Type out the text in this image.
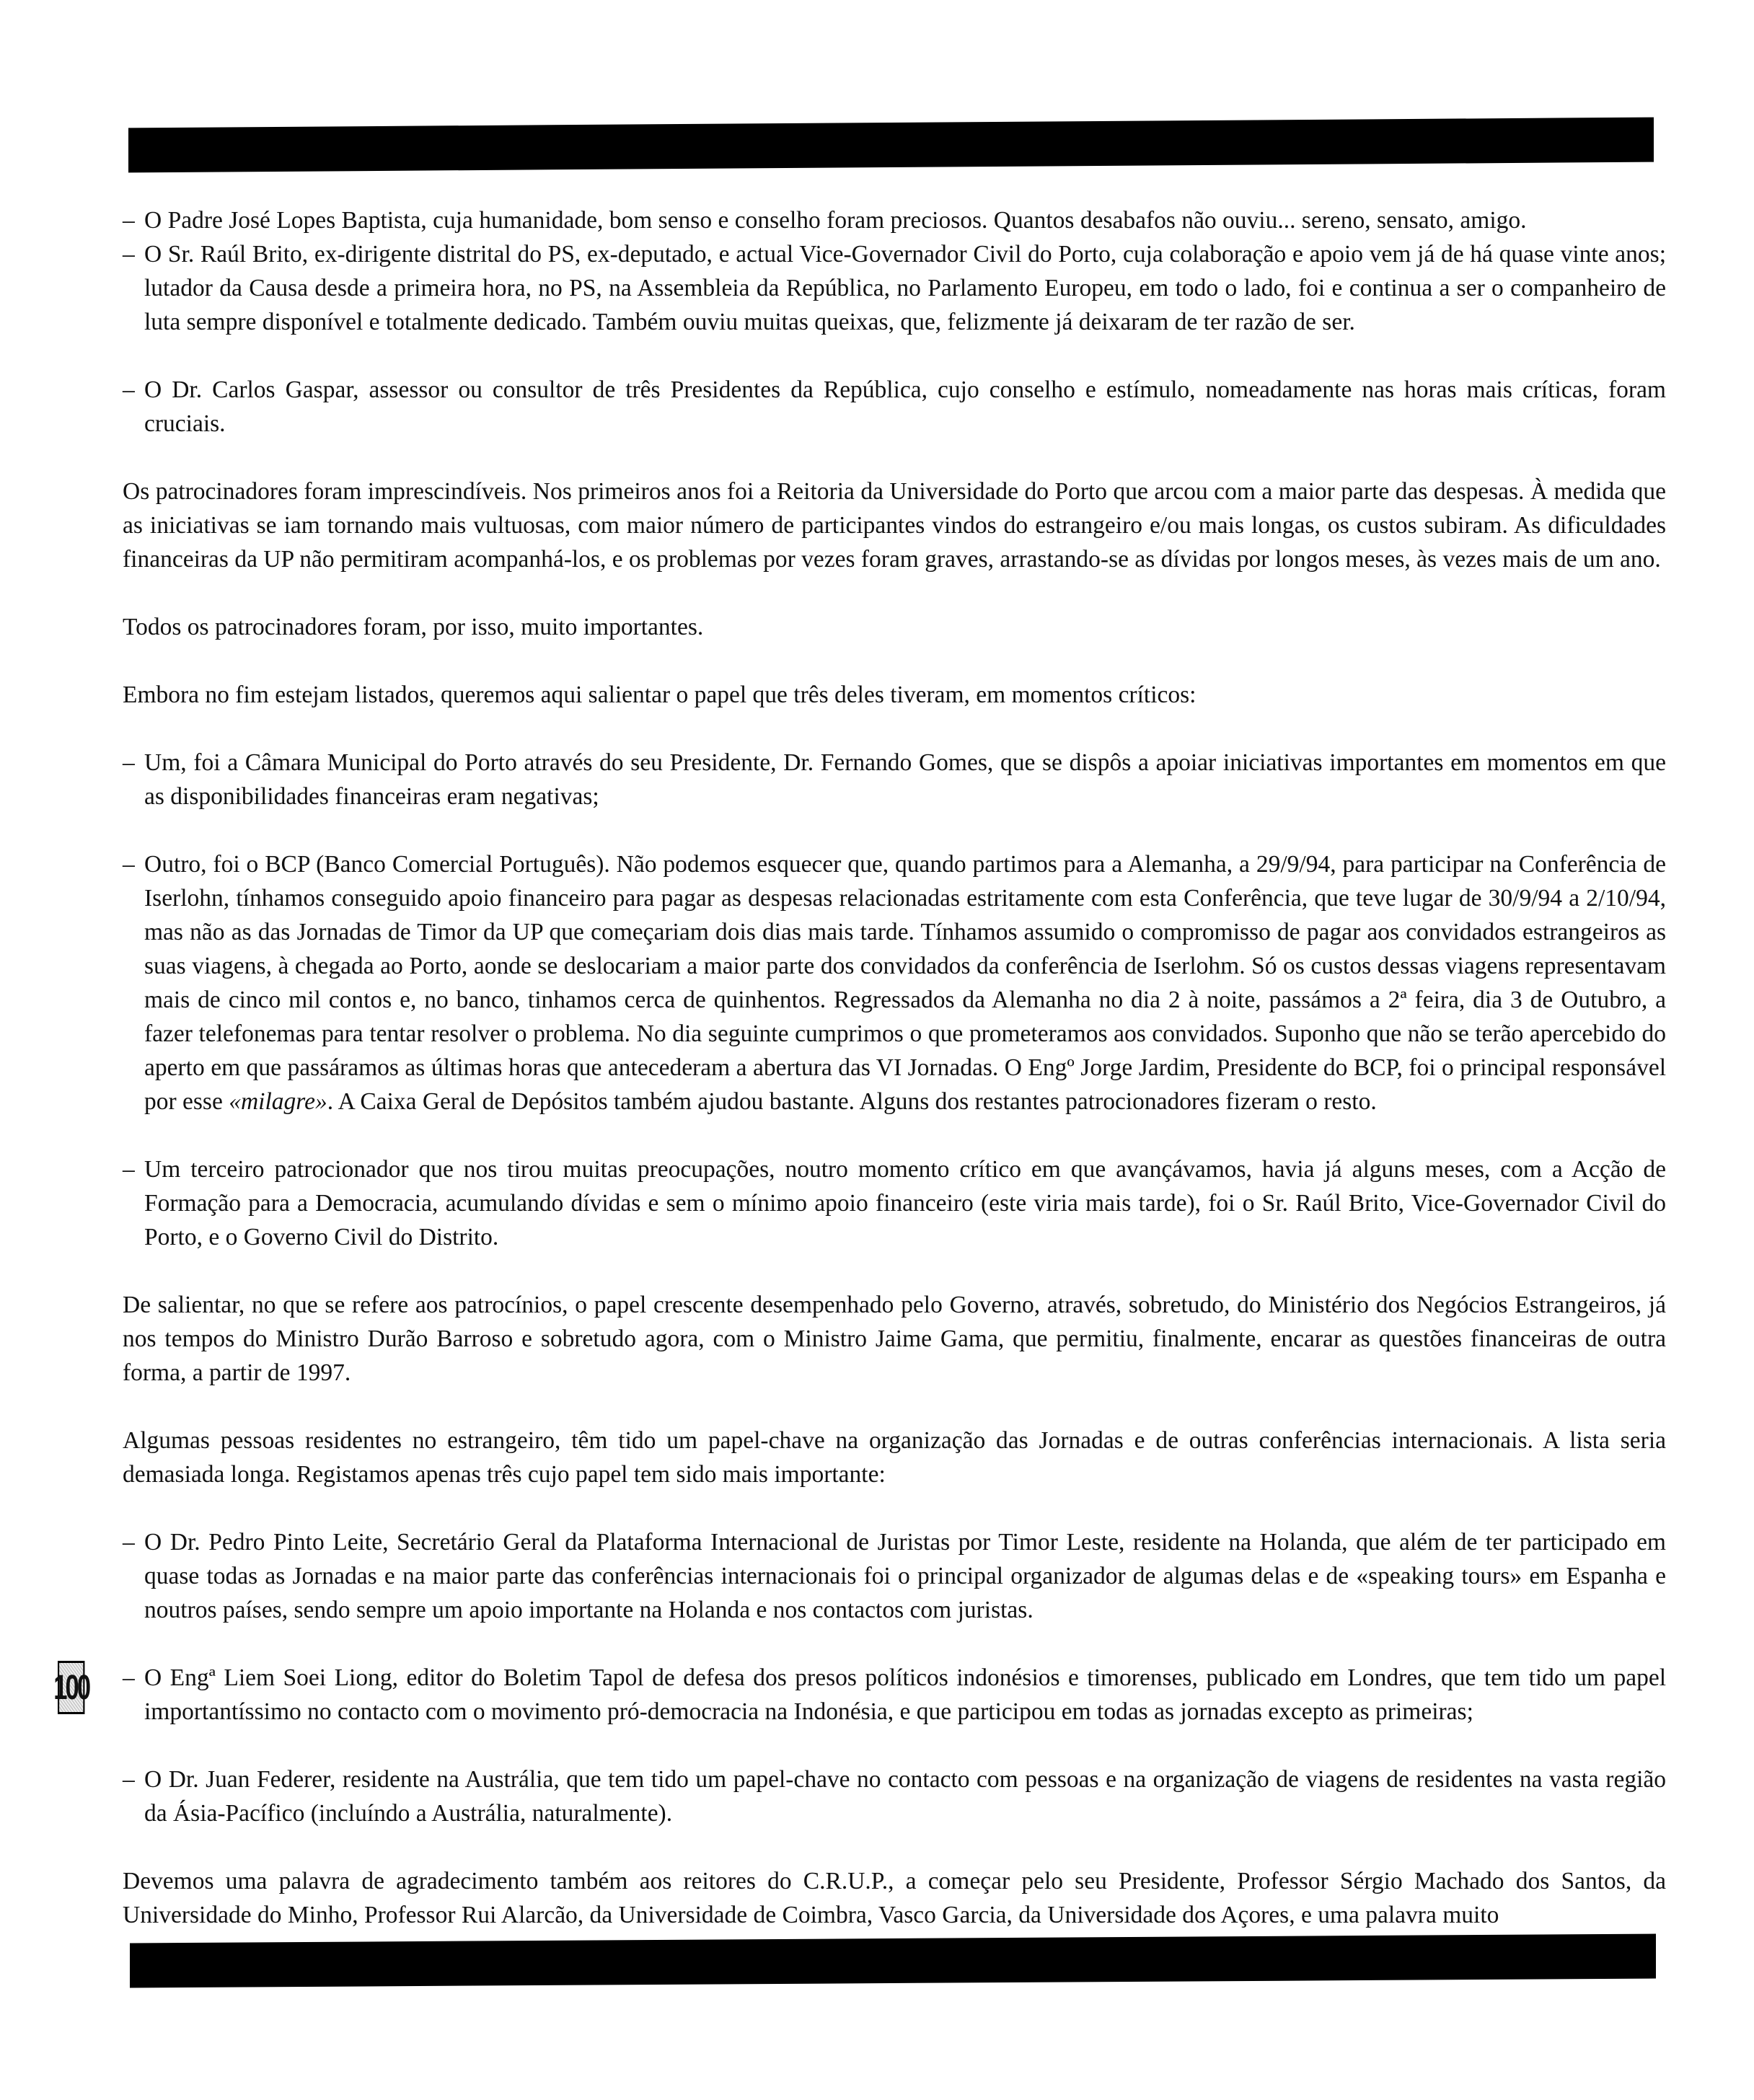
– O Padre José Lopes Baptista, cuja humanidade, bom senso e conselho foram preciosos. Quantos desabafos não ouviu... sereno, sensato, amigo.

– O Sr. Raúl Brito, ex-dirigente distrital do PS, ex-deputado, e actual Vice-Governador Civil do Porto, cuja colaboração e apoio vem já de há quase vinte anos; lutador da Causa desde a primeira hora, no PS, na Assembleia da República, no Parlamento Europeu, em todo o lado, foi e continua a ser o companheiro de luta sempre disponível e totalmente dedicado. Também ouviu muitas queixas, que, felizmente já deixaram de ter razão de ser.

– O Dr. Carlos Gaspar, assessor ou consultor de três Presidentes da República, cujo conselho e estímulo, nomeadamente nas horas mais críticas, foram cruciais.

Os patrocinadores foram imprescindíveis. Nos primeiros anos foi a Reitoria da Universidade do Porto que arcou com a maior parte das despesas. À medida que as iniciativas se iam tornando mais vultuosas, com maior número de participantes vindos do estrangeiro e/ou mais longas, os custos subiram. As dificuldades financeiras da UP não permitiram acompanhá-los, e os problemas por vezes foram graves, arrastando-se as dívidas por longos meses, às vezes mais de um ano.

Todos os patrocinadores foram, por isso, muito importantes.

Embora no fim estejam listados, queremos aqui salientar o papel que três deles tiveram, em momentos críticos:

– Um, foi a Câmara Municipal do Porto através do seu Presidente, Dr. Fernando Gomes, que se dispôs a apoiar iniciativas importantes em momentos em que as disponibilidades financeiras eram negativas;

– Outro, foi o BCP (Banco Comercial Português). Não podemos esquecer que, quando partimos para a Alemanha, a 29/9/94, para participar na Conferência de Iserlohn, tínhamos conseguido apoio financeiro para pagar as despesas relacionadas estritamente com esta Conferência, que teve lugar de 30/9/94 a 2/10/94, mas não as das Jornadas de Timor da UP que começariam dois dias mais tarde. Tínhamos assumido o compromisso de pagar aos convidados estrangeiros as suas viagens, à chegada ao Porto, aonde se deslocariam a maior parte dos convidados da conferência de Iserlohm. Só os custos dessas viagens representavam mais de cinco mil contos e, no banco, tinhamos cerca de quinhentos. Regressados da Alemanha no dia 2 à noite, passámos a 2ª feira, dia 3 de Outubro, a fazer telefonemas para tentar resolver o problema. No dia seguinte cumprimos o que prometeramos aos convidados. Suponho que não se terão apercebido do aperto em que passáramos as últimas horas que antecederam a abertura das VI Jornadas. O Engº Jorge Jardim, Presidente do BCP, foi o principal responsável por esse «milagre». A Caixa Geral de Depósitos também ajudou bastante. Alguns dos restantes patrocionadores fizeram o resto.

– Um terceiro patrocionador que nos tirou muitas preocupações, noutro momento crítico em que avançávamos, havia já alguns meses, com a Acção de Formação para a Democracia, acumulando dívidas e sem o mínimo apoio financeiro (este viria mais tarde), foi o Sr. Raúl Brito, Vice-Governador Civil do Porto, e o Governo Civil do Distrito.

De salientar, no que se refere aos patrocínios, o papel crescente desempenhado pelo Governo, através, sobretudo, do Ministério dos Negócios Estrangeiros, já nos tempos do Ministro Durão Barroso e sobretudo agora, com o Ministro Jaime Gama, que permitiu, finalmente, encarar as questões financeiras de outra forma, a partir de 1997.

Algumas pessoas residentes no estrangeiro, têm tido um papel-chave na organização das Jornadas e de outras conferências internacionais. A lista seria demasiada longa. Registamos apenas três cujo papel tem sido mais importante:

– O Dr. Pedro Pinto Leite, Secretário Geral da Plataforma Internacional de Juristas por Timor Leste, residente na Holanda, que além de ter participado em quase todas as Jornadas e na maior parte das conferências internacionais foi o principal organizador de algumas delas e de «speaking tours» em Espanha e noutros países, sendo sempre um apoio importante na Holanda e nos contactos com juristas.

– O Engª Liem Soei Liong, editor do Boletim Tapol de defesa dos presos políticos indonésios e timorenses, publicado em Londres, que tem tido um papel importantíssimo no contacto com o movimento pró-democracia na Indonésia, e que participou em todas as jornadas excepto as primeiras;

– O Dr. Juan Federer, residente na Austrália, que tem tido um papel-chave no contacto com pessoas e na organização de viagens de residentes na vasta região da Ásia-Pacífico (incluíndo a Austrália, naturalmente).

Devemos uma palavra de agradecimento também aos reitores do C.R.U.P., a começar pelo seu Presidente, Professor Sérgio Machado dos Santos, da Universidade do Minho, Professor Rui Alarcão, da Universidade de Coimbra, Vasco Garcia, da Universidade dos Açores, e uma palavra muito

100
